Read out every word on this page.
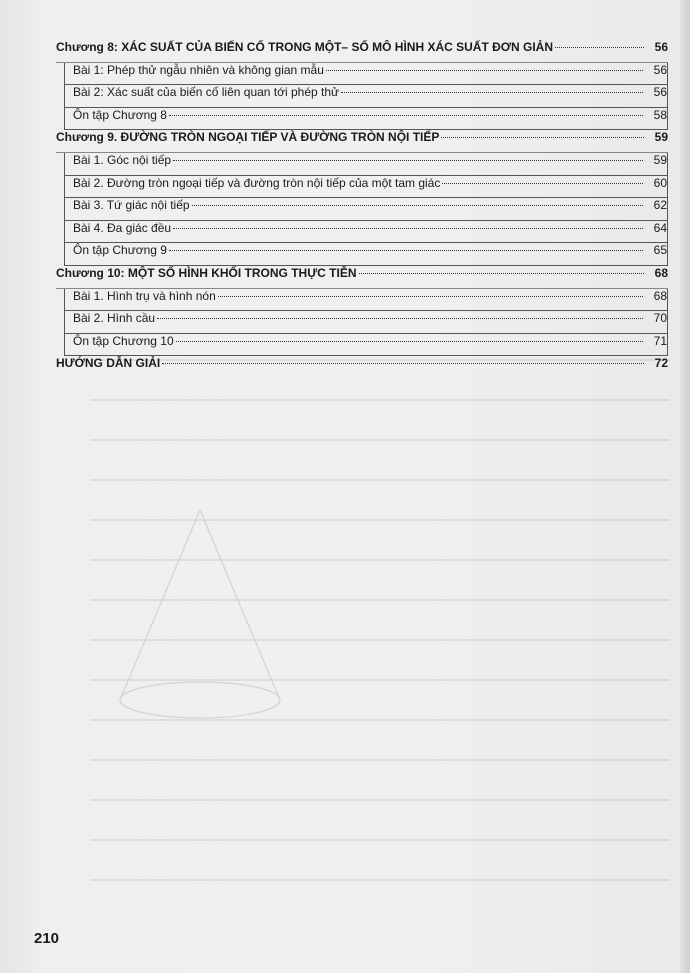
Chương 8: XÁC SUẤT CỦA BIẾN CỐ TRONG MỘT– SỐ MÔ HÌNH XÁC SUẤT ĐƠN GIẢN	56
Bài 1: Phép thử ngẫu nhiên và không gian mẫu	56
Bài 2: Xác suất của biến cố liên quan tới phép thử	56
Ôn tập Chương 8	58
Chương 9. ĐƯỜNG TRÒN NGOẠI TIẾP VÀ ĐƯỜNG TRÒN NỘI TIẾP	59
Bài 1. Góc nội tiếp	59
Bài 2. Đường tròn ngoại tiếp và đường tròn nội tiếp của một tam giác	60
Bài 3. Tứ giác nội tiếp	62
Bài 4. Đa giác đều	64
Ôn tập Chương 9	65
Chương 10: MỘT SỐ HÌNH KHỐI TRONG THỰC TIỄN	68
Bài 1. Hình trụ và hình nón	68
Bài 2. Hình cầu	70
Ôn tập Chương 10	71
HƯỚNG DẪN GIẢI	72
210
